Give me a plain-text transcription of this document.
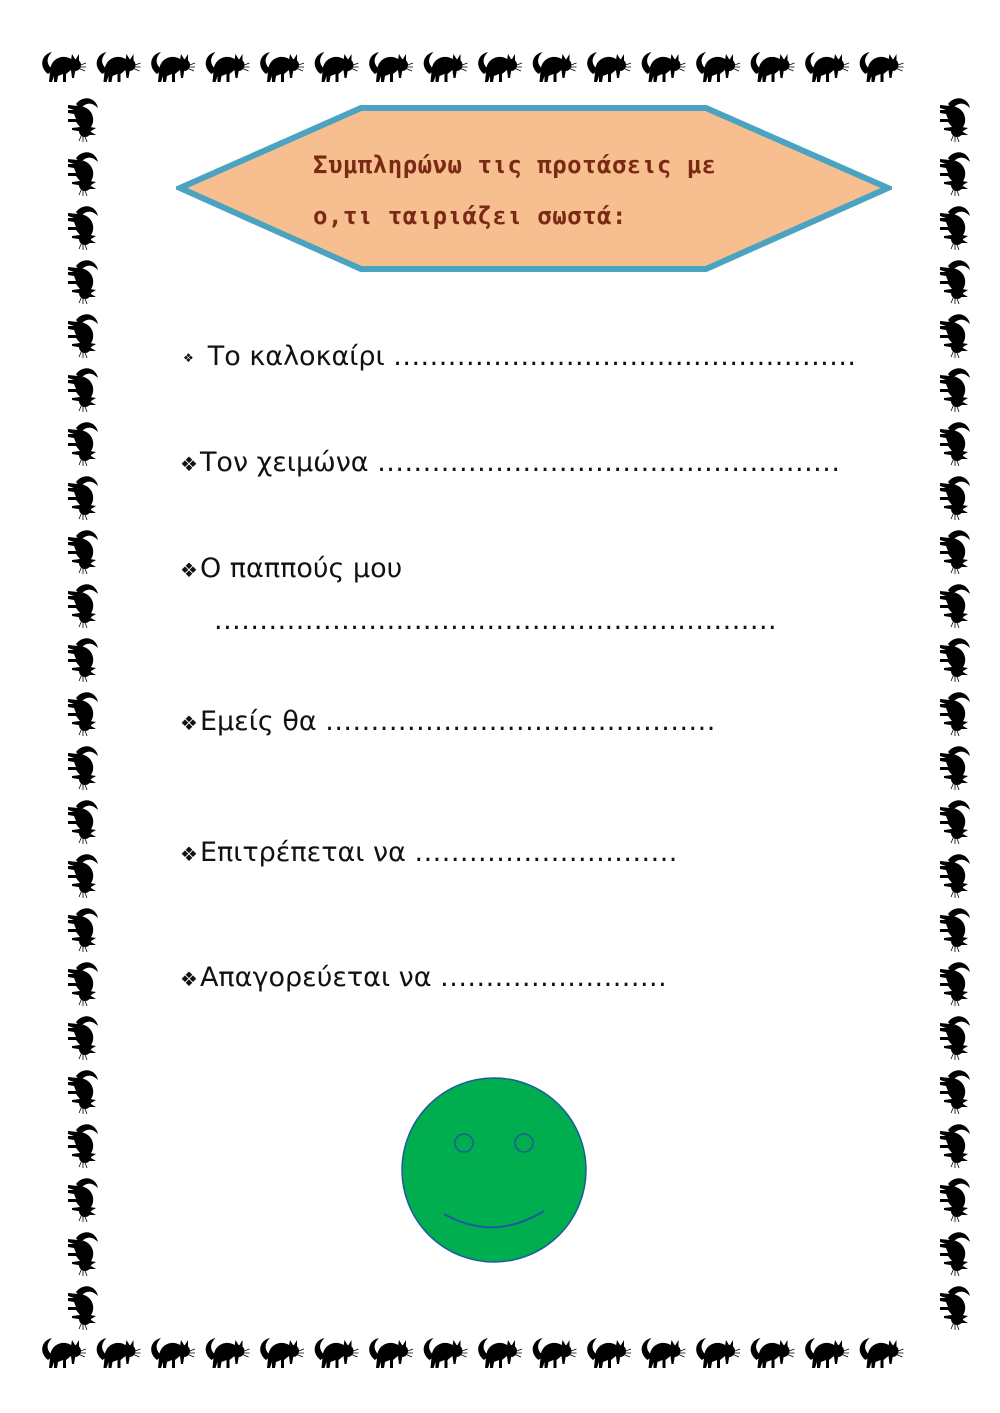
Συμπληρώνω τις προτάσεις με
ο,τι ταιριάζει σωστά:
❖ Το καλοκαίρι ...................................................
❖Τον χειμώνα ...................................................
❖Ο παππούς μου
..............................................................
❖Εμείς θα ...........................................
❖Επιτρέπεται να .............................
❖Απαγορεύεται να .........................
